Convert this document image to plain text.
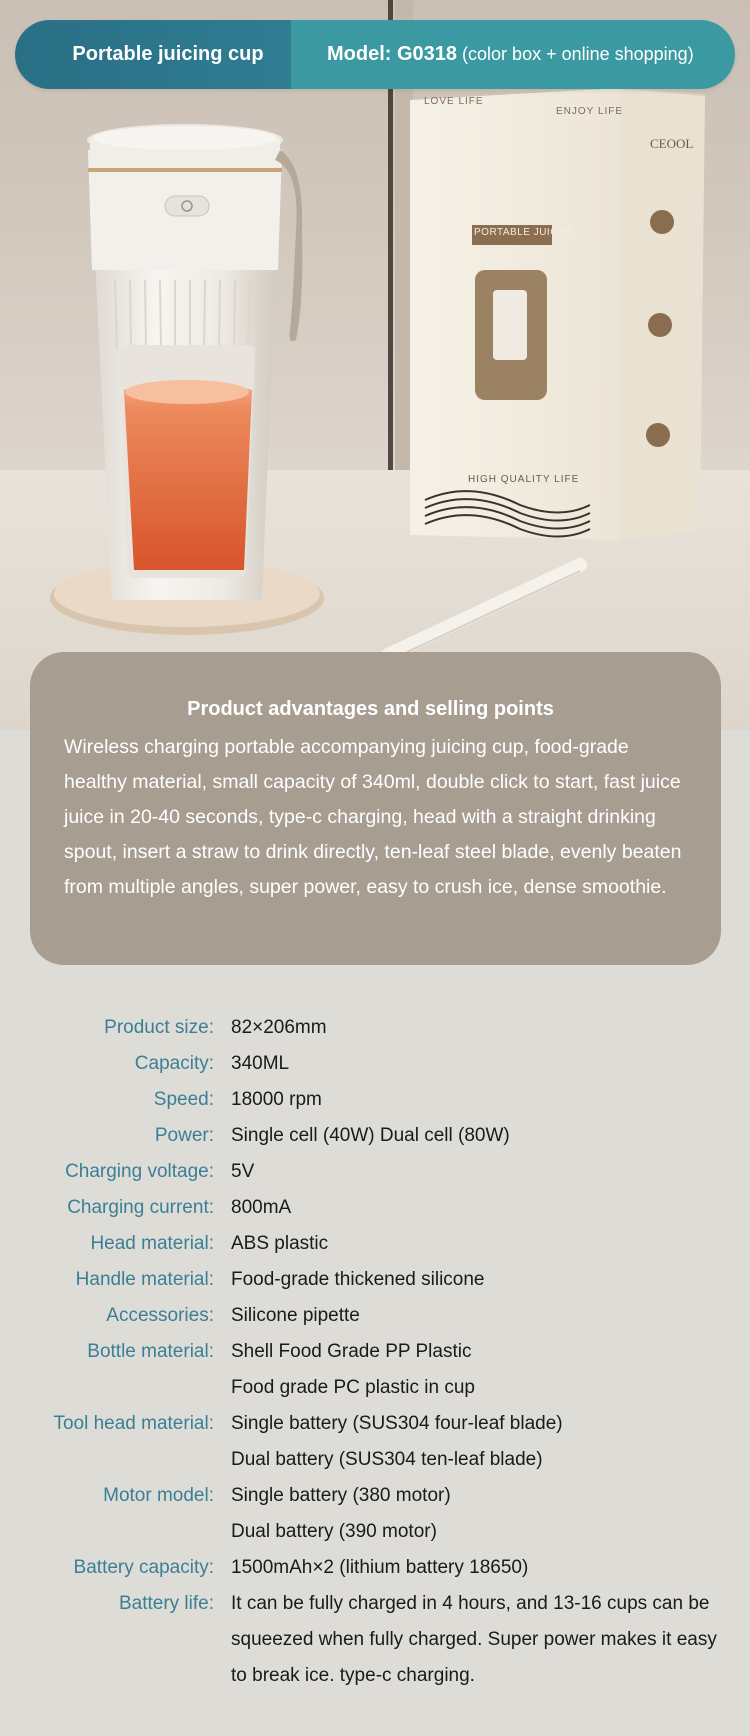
LOVE LIFE
ENJOY LIFE
CEOOL
PORTABLE JUICER
HIGH QUALITY LIFE
Portable juicing cup	Model: G0318 (color box + online shopping)
Product advantages and selling points
Wireless charging portable accompanying juicing cup, food-grade healthy material, small capacity of 340ml, double click to start, fast juice juice in 20-40 seconds, type-c charging, head with a straight drinking spout, insert a straw to drink directly, ten-leaf steel blade, evenly beaten from multiple angles, super power, easy to crush ice, dense smoothie.
Product size: 82×206mm
Capacity: 340ML
Speed: 18000 rpm
Power: Single cell (40W) Dual cell (80W)
Charging voltage: 5V
Charging current: 800mA
Head material: ABS plastic
Handle material: Food-grade thickened silicone
Accessories: Silicone pipette
Bottle material: Shell Food Grade PP Plastic
Food grade PC plastic in cup
Tool head material: Single battery (SUS304 four-leaf blade)
Dual battery (SUS304 ten-leaf blade)
Motor model: Single battery (380 motor)
Dual battery (390 motor)
Battery capacity: 1500mAh×2 (lithium battery 18650)
Battery life: It can be fully charged in 4 hours, and 13-16 cups can be squeezed when fully charged. Super power makes it easy to break ice. type-c charging.
